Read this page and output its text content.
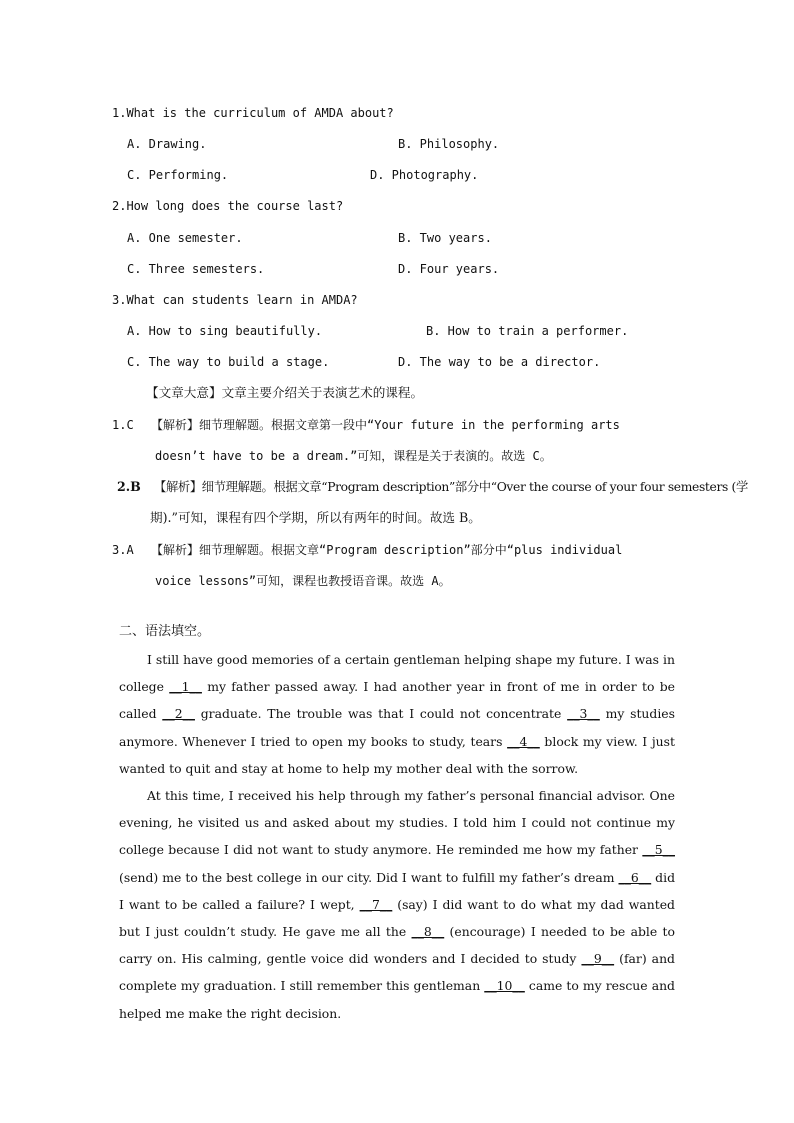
1.What is the curriculum of AMDA about?
A. Drawing.	B. Philosophy.
C. Performing.	D. Photography.
2.How long does the course last?
A. One semester.	B. Two years.
C. Three semesters.	D. Four years.
3.What can students learn in AMDA?
A. How to sing beautifully.	B. How to train a performer.
C. The way to build a stage.	D. The way to be a director.
【文章大意】文章主要介绍关于表演艺术的课程。
1.C 【解析】细节理解题。根据文章第一段中“Your future in the performing arts
doesn’t have to be a dream.”可知，课程是关于表演的。故选 C。
2.B 【解析】细节理解题。根据文章“Program description”部分中“Over the course of your four semesters (学
期).”可知，课程有四个学期，所以有两年的时间。故选 B。
3.A 【解析】细节理解题。根据文章“Program description”部分中“plus individual
voice lessons”可知，课程也教授语音课。故选 A。
二、语法填空。
I still have good memories of a certain gentleman helping shape my future. I was in college __1__ my father passed away. I had another year in front of me in order to be called __2__ graduate. The trouble was that I could not concentrate __3__ my studies anymore. Whenever I tried to open my books to study, tears __4__ block my view. I just wanted to quit and stay at home to help my mother deal with the sorrow.
At this time, I received his help through my father’s personal financial advisor. One evening, he visited us and asked about my studies. I told him I could not continue my college because I did not want to study anymore. He reminded me how my father __5__ (send) me to the best college in our city. Did I want to fulfill my father’s dream __6__ did I want to be called a failure? I wept, __7__ (say) I did want to do what my dad wanted but I just couldn’t study. He gave me all the __8__ (encourage) I needed to be able to carry on. His calming, gentle voice did wonders and I decided to study __9__ (far) and complete my graduation. I still remember this gentleman __10__ came to my rescue and helped me make the right decision.
